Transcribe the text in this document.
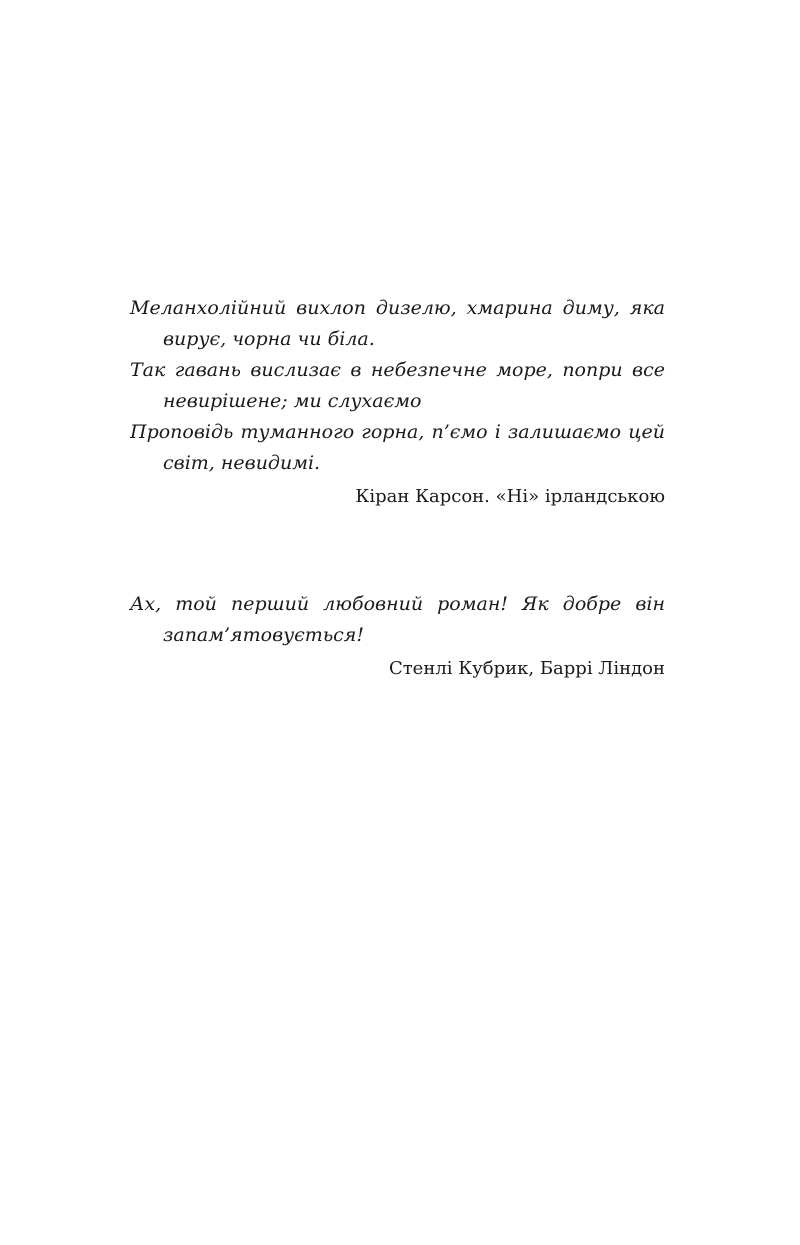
Меланхолійний вихлоп дизелю, хмарина диму, яка вирує, чорна чи біла.

Так гавань вислизає в небезпечне море, попри все невирішене; ми слухаємо

Проповідь туманного горна, п’ємо і залишаємо цей світ, невидимі.

Кіран Карсон. «Ні» ірландською

Ах, той перший любовний роман! Як добре він запам’ятовується!

Стенлі Кубрик, Баррі Ліндон
